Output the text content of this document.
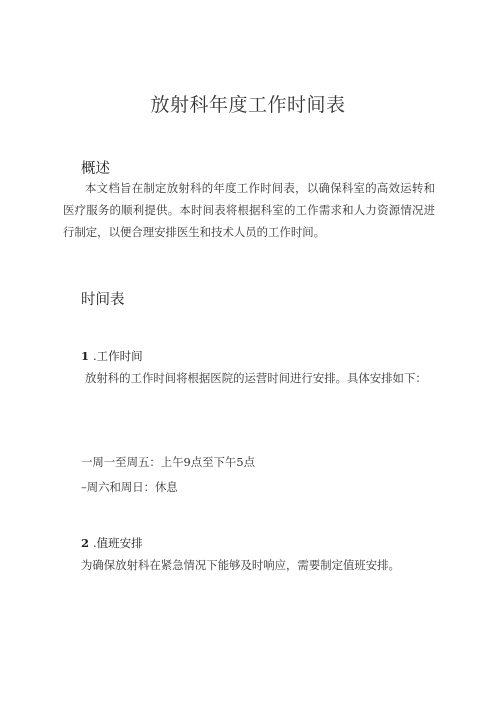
放射科年度工作时间表
概述
本文档旨在制定放射科的年度工作时间表，以确保科室的高效运转和医疗服务的顺利提供。本时间表将根据科室的工作需求和人力资源情况进行制定，以便合理安排医生和技术人员的工作时间。
时间表
1 .工作时间
放射科的工作时间将根据医院的运营时间进行安排。具体安排如下：
一周一至周五：上午9点至下午5点
–周六和周日：休息
2 .值班安排
为确保放射科在紧急情况下能够及时响应，需要制定值班安排。
